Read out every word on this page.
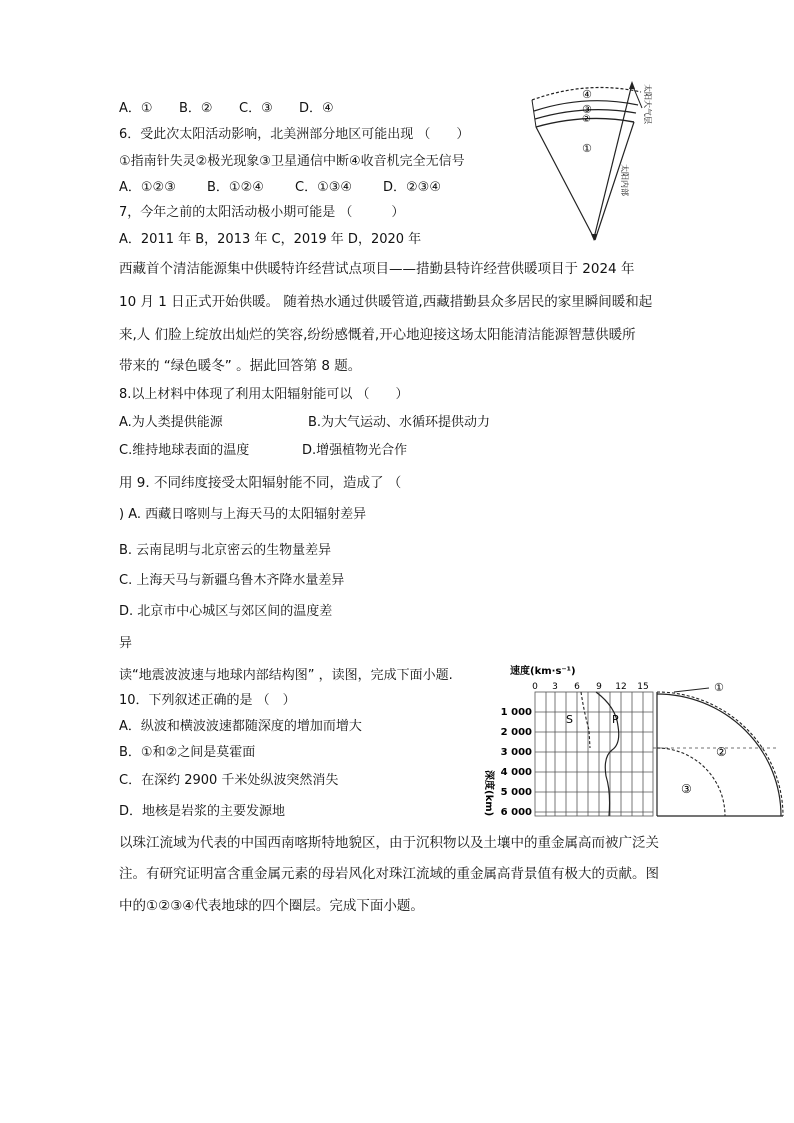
A．① B．② C．③ D．④
6．受此次太阳活动影响，北美洲部分地区可能出现 （　　）
①指南针失灵②极光现象③卫星通信中断④收音机完全无信号
A．①②③ B．①②④ C．①③④ D．②③④
7，今年之前的太阳活动极小期可能是 （　　　）
A．2011 年 B，2013 年 C，2019 年 D，2020 年
西藏首个清洁能源集中供暖特许经营试点项目——措勤县特许经营供暖项目于 2024 年
10 月 1 日正式开始供暖。 随着热水通过供暖管道,西藏措勤县众多居民的家里瞬间暖和起
来,人 们脸上绽放出灿烂的笑容,纷纷感慨着,开心地迎接这场太阳能清洁能源智慧供暖所
带来的 “绿色暖冬” 。据此回答第 8 题。
8.以上材料中体现了利用太阳辐射能可以 （　　）
A.为人类提供能源	B.为大气运动、水循环提供动力
C.维持地球表面的温度	D.增强植物光合作
用 9. 不同纬度接受太阳辐射能不同，造成了 （
) A. 西藏日喀则与上海天马的太阳辐射差异
B. 云南昆明与北京密云的生物量差异
C. 上海天马与新疆乌鲁木齐降水量差异
D. 北京市中心城区与郊区间的温度差
异
读“地震波波速与地球内部结构图” ，读图，完成下面小题.
10．下列叙述正确的是 （　）
A．纵波和横波波速都随深度的增加而增大
B．①和②之间是莫霍面
C．在深约 2900 千米处纵波突然消失
D．地核是岩浆的主要发源地
以珠江流域为代表的中国西南喀斯特地貌区，由于沉积物以及土壤中的重金属高而被广泛关
注。有研究证明富含重金属元素的母岩风化对珠江流域的重金属高背景值有极大的贡献。图
中的①②③④代表地球的四个圈层。完成下面小题。
④
③
②
①
太阳大气层
太阳内部
速度(km·s⁻¹)
0 3 6 9 12 15
1 000
2 000
3 000
4 000
5 000
6 000
深度(km)
S	P
①
②
③
